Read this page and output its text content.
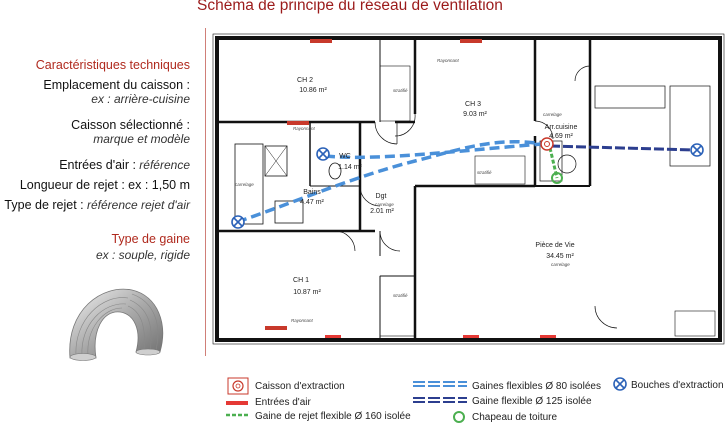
Schéma de principe du réseau de ventilation
Caractéristiques techniques
Emplacement du caisson :
ex : arrière-cuisine
Caisson sélectionné :
marque et modèle
Entrées d'air : référence
Longueur de rejet : ex : 1,50 m
Type de rejet : référence rejet d'air
Type de gaine
ex : souple, rigide
CH 2
10.86 m²
CH 3
9.03 m²
WC
1.14 m²
Bains
4.47 m²
Dgt
2.01 m²
Arr.cuisine
4.69 m²
CH 1
10.87 m²
Pièce de Vie
34.45 m²
carrelage
carrelage
carrelage
carrelage
stratifié
stratifié
stratifié
Rayonnant
Rayonnant
Rayonnant
Caisson d'extraction
Entrées d'air
Gaine de rejet flexible Ø 160 isolée
Gaines flexibles Ø 80 isolées
Gaine flexible Ø 125 isolée
Chapeau de toiture
Bouches d'extraction
